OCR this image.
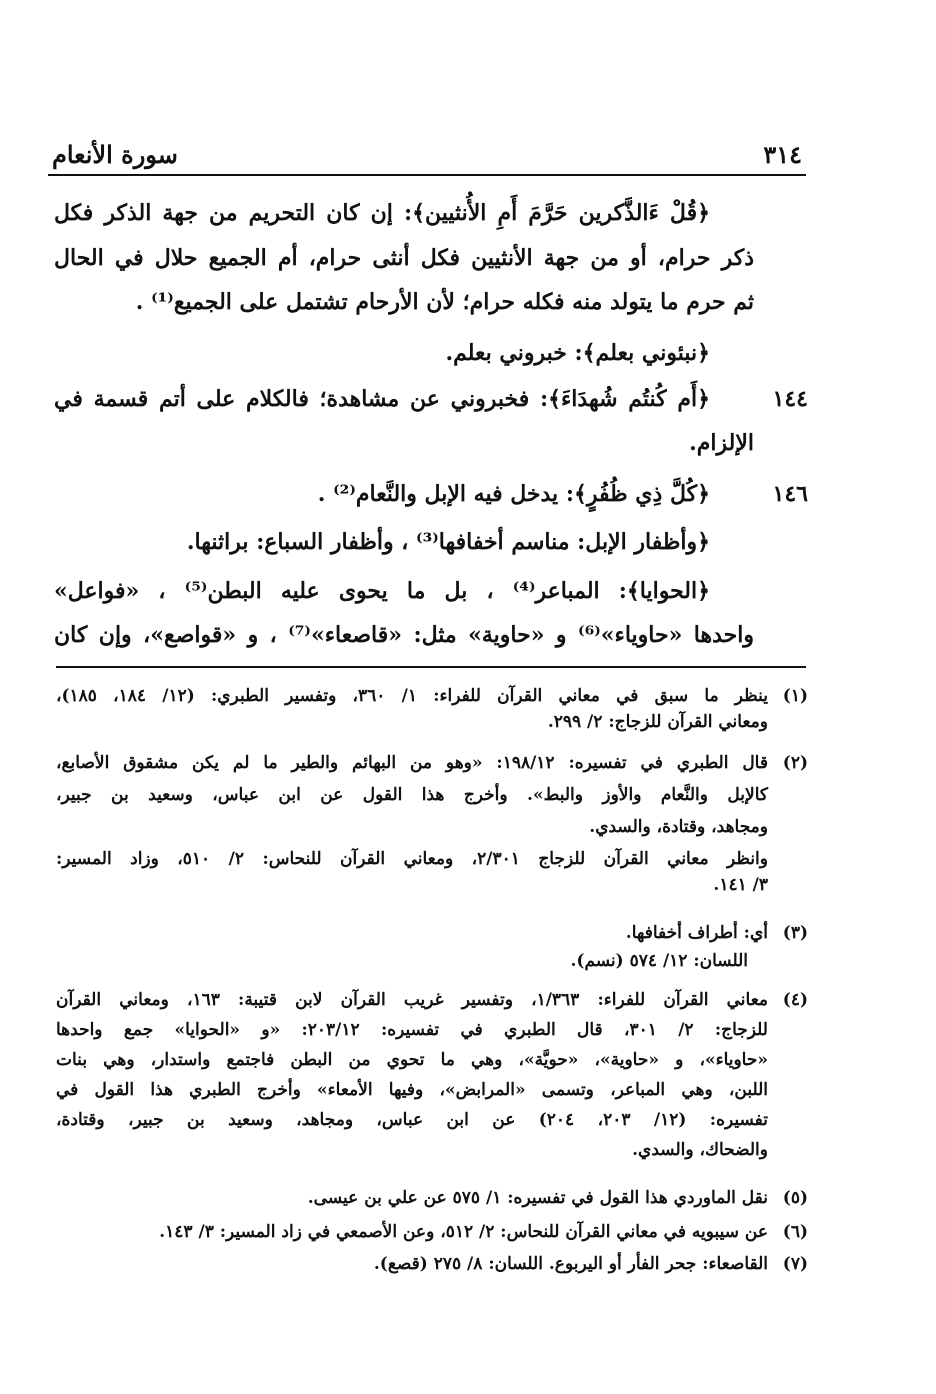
٣١٤
سورة الأنعام
﴿قُلْ ءَالذَّكرين حَرَّمَ أَمِ الأُنثيين﴾: إن كان التحريم من جهة الذكر فكل
ذكر حرام، أو من جهة الأنثيين فكل أنثى حرام، أم الجميع حلال في الحال
ثم حرم ما يتولد منه فكله حرام؛ لأن الأرحام تشتمل على الجميع⁽¹⁾ .
﴿نبئوني بعلم﴾: خبروني بعلم.
١٤٤
﴿أَم كُنتُم شُهدَاءَ﴾: فخبروني عن مشاهدة؛ فالكلام على أتم قسمة في
الإلزام.
١٤٦
﴿كُلَّ ذِي ظُفُرٍ﴾: يدخل فيه الإبل والنَّعام⁽²⁾ .
﴿وأظفار الإبل: مناسم أخفافها⁽³⁾ ، وأظفار السباع: براثنها.
﴿الحوايا﴾: المباعر⁽⁴⁾ ، بل ما يحوى عليه البطن⁽⁵⁾ ، «فواعل»
واحدها «حاوياء»⁽⁶⁾ و «حاوية» مثل: «قاصعاء»⁽⁷⁾ ، و «قواصع»، وإن كان
(١)
ينظر ما سبق في معاني القرآن للفراء: ١/ ٣٦٠، وتفسير الطبري: (١٢/ ١٨٤، ١٨٥)،
ومعاني القرآن للزجاج: ٢/ ٢٩٩.
(٢)
قال الطبري في تفسيره: ١٩٨/١٢: «وهو من البهائم والطير ما لم يكن مشقوق الأصابع،
كالإبل والنَّعام والأوز والبط». وأخرج هذا القول عن ابن عباس، وسعيد بن جبير،
ومجاهد، وقتادة، والسدي.
وانظر معاني القرآن للزجاج ٢/٣٠١، ومعاني القرآن للنحاس: ٢/ ٥١٠، وزاد المسير:
٣/ ١٤١.
(٣)
أي: أطراف أخفافها.
اللسان: ١٢/ ٥٧٤ (نسم).
(٤)
معاني القرآن للفراء: ١/٣٦٣، وتفسير غريب القرآن لابن قتيبة: ١٦٣، ومعاني القرآن
للزجاج: ٢/ ٣٠١، قال الطبري في تفسيره: ٢٠٣/١٢: «و «الحوايا» جمع واحدها
«حاوياء»، و «حاوية»، «حويَّة»، وهي ما تحوي من البطن فاجتمع واستدار، وهي بنات
اللبن، وهي المباعر، وتسمى «المرابض»، وفيها الأمعاء» وأخرج الطبري هذا القول في
تفسيره: (١٢/ ٢٠٣، ٢٠٤) عن ابن عباس، ومجاهد، وسعيد بن جبير، وقتادة،
والضحاك، والسدي.
(٥)
نقل الماوردي هذا القول في تفسيره: ١/ ٥٧٥ عن علي بن عيسى.
(٦)
عن سيبويه في معاني القرآن للنحاس: ٢/ ٥١٢، وعن الأصمعي في زاد المسير: ٣/ ١٤٣.
(٧)
القاصعاء: جحر الفأر أو اليربوع. اللسان: ٨/ ٢٧٥ (قصع).
